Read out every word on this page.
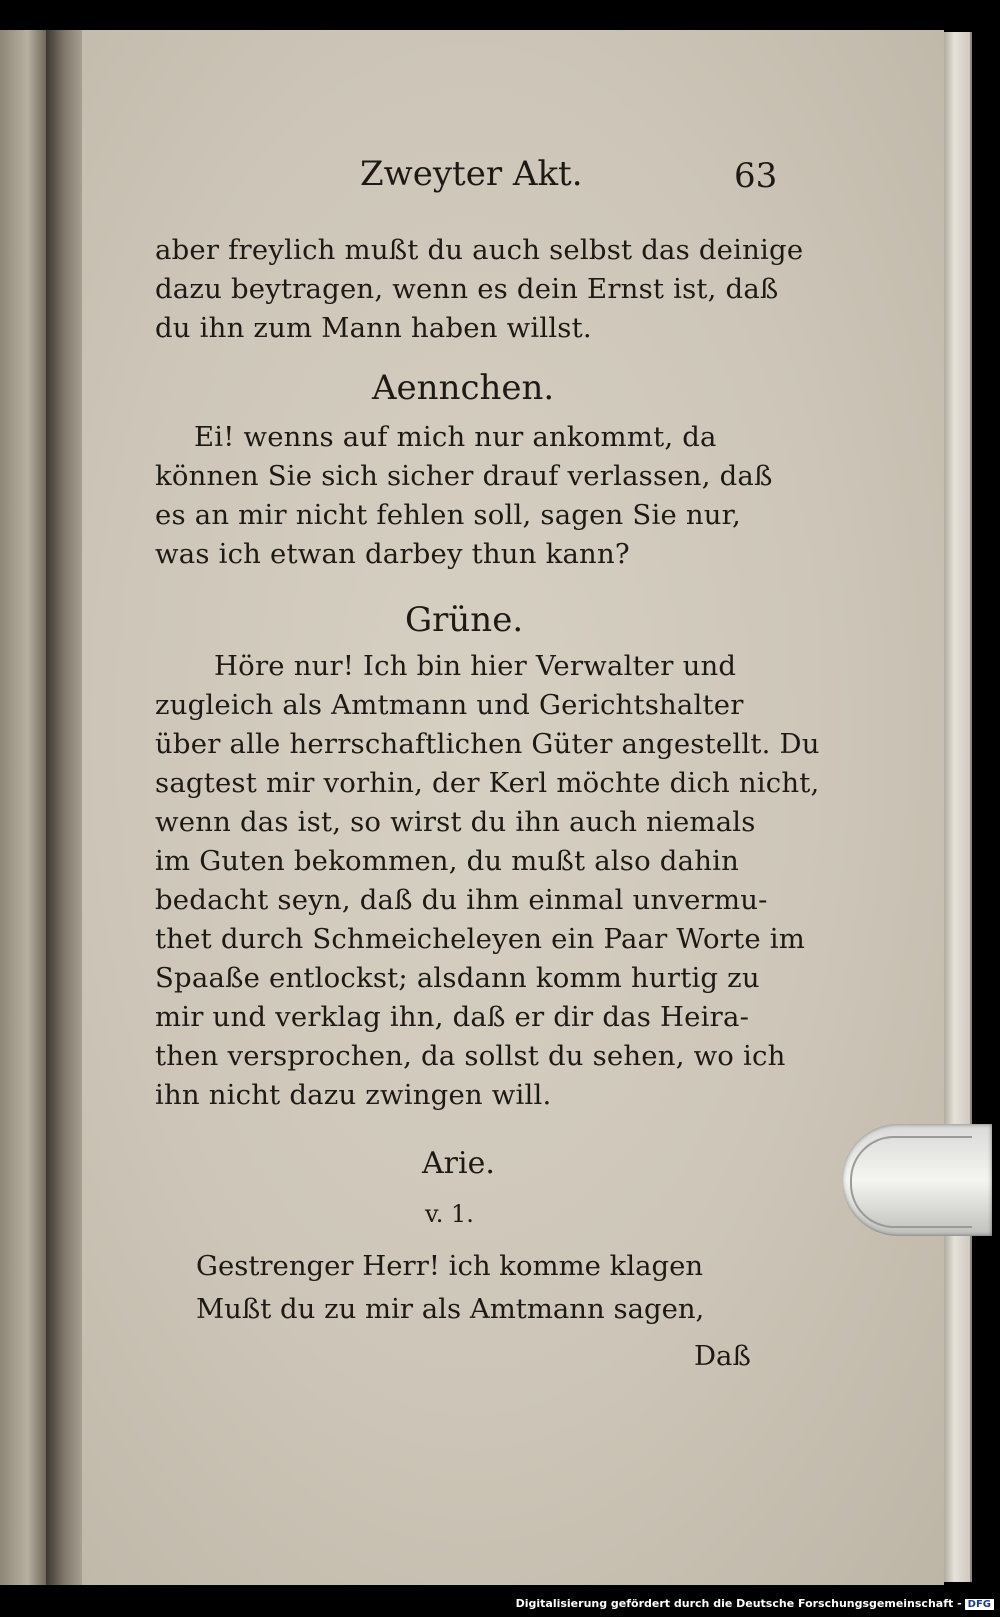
Zweyter Akt.	63
aber freylich mußt du auch selbst das deinige
dazu beytragen, wenn es dein Ernst ist, daß
du ihn zum Mann haben willst.
Aennchen.
Ei! wenns auf mich nur ankommt, da
können Sie sich sicher drauf verlassen, daß
es an mir nicht fehlen soll, sagen Sie nur,
was ich etwan darbey thun kann?
Grüne.
Höre nur! Ich bin hier Verwalter und
zugleich als Amtmann und Gerichtshalter
über alle herrschaftlichen Güter angestellt. Du
sagtest mir vorhin, der Kerl möchte dich nicht,
wenn das ist, so wirst du ihn auch niemals
im Guten bekommen, du mußt also dahin
bedacht seyn, daß du ihm einmal unvermu-
thet durch Schmeicheleyen ein Paar Worte im
Spaaße entlockst; alsdann komm hurtig zu
mir und verklag ihn, daß er dir das Heira-
then versprochen, da sollst du sehen, wo ich
ihn nicht dazu zwingen will.
Arie.
v. 1.
Gestrenger Herr! ich komme klagen
Mußt du zu mir als Amtmann sagen,
Daß
Digitalisierung gefördert durch die Deutsche Forschungsgemeinschaft - DFG
